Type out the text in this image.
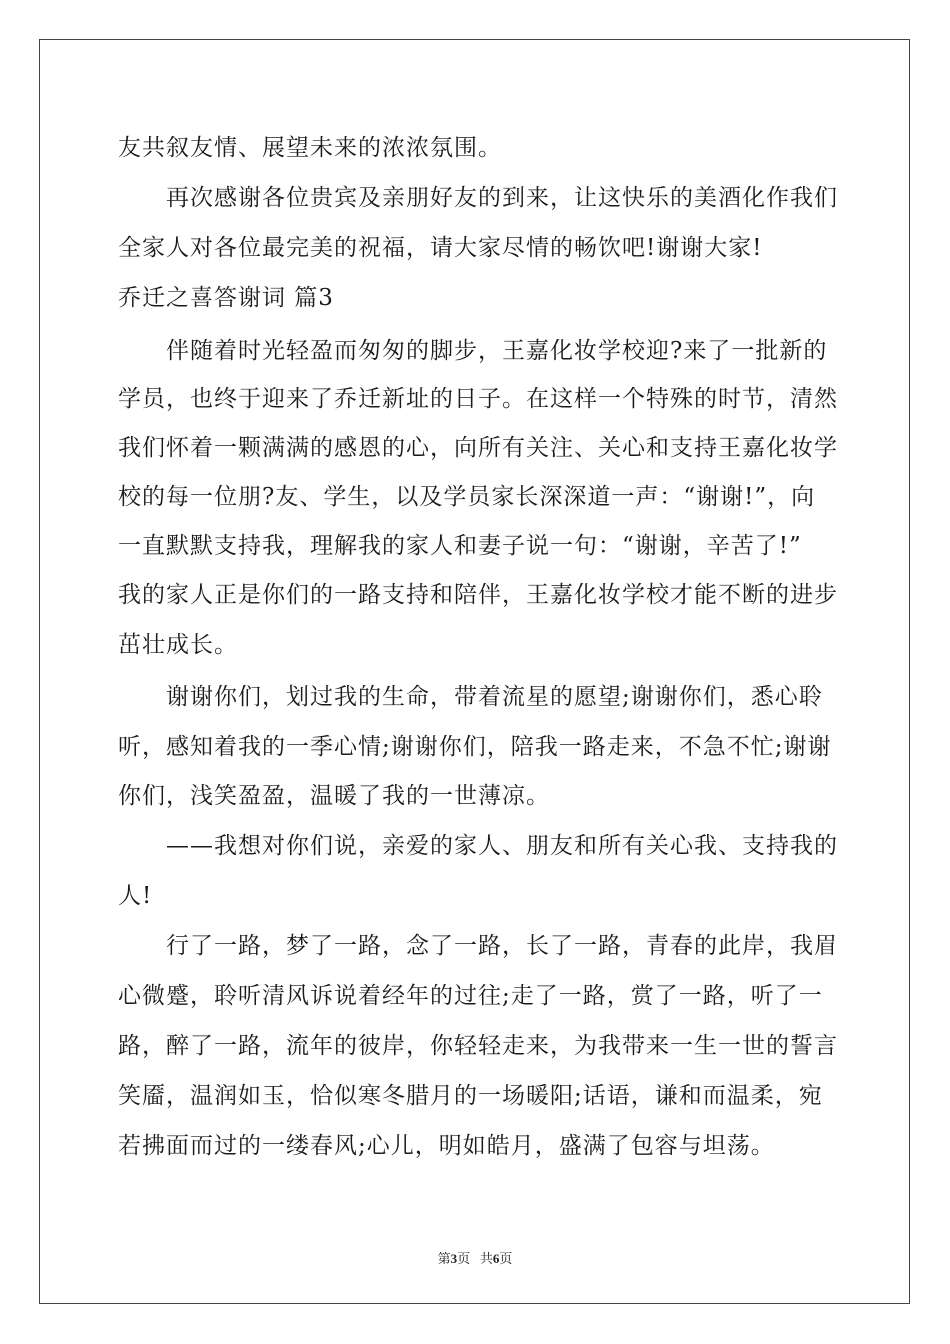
友共叙友情、展望未来的浓浓氛围。
　　再次感谢各位贵宾及亲朋好友的到来，让这快乐的美酒化作我们
全家人对各位最完美的祝福，请大家尽情的畅饮吧!谢谢大家!
乔迁之喜答谢词 篇3
　　伴随着时光轻盈而匆匆的脚步，王嘉化妆学校迎?来了一批新的
学员，也终于迎来了乔迁新址的日子。在这样一个特殊的时节，清然
我们怀着一颗满满的感恩的心，向所有关注、关心和支持王嘉化妆学
校的每一位朋?友、学生，以及学员家长深深道一声：“谢谢!”，向
一直默默支持我，理解我的家人和妻子说一句：“谢谢，辛苦了!”
我的家人正是你们的一路支持和陪伴，王嘉化妆学校才能不断的进步
茁壮成长。
　　谢谢你们，划过我的生命，带着流星的愿望;谢谢你们，悉心聆
听，感知着我的一季心情;谢谢你们，陪我一路走来，不急不忙;谢谢
你们，浅笑盈盈，温暖了我的一世薄凉。
　　——我想对你们说，亲爱的家人、朋友和所有关心我、支持我的
人!
　　行了一路，梦了一路，念了一路，长了一路，青春的此岸，我眉
心微蹙，聆听清风诉说着经年的过往;走了一路，赏了一路，听了一
路，醉了一路，流年的彼岸，你轻轻走来，为我带来一生一世的誓言
笑靥，温润如玉，恰似寒冬腊月的一场暖阳;话语，谦和而温柔，宛
若拂面而过的一缕春风;心儿，明如皓月，盛满了包容与坦荡。
第3页 共6页
